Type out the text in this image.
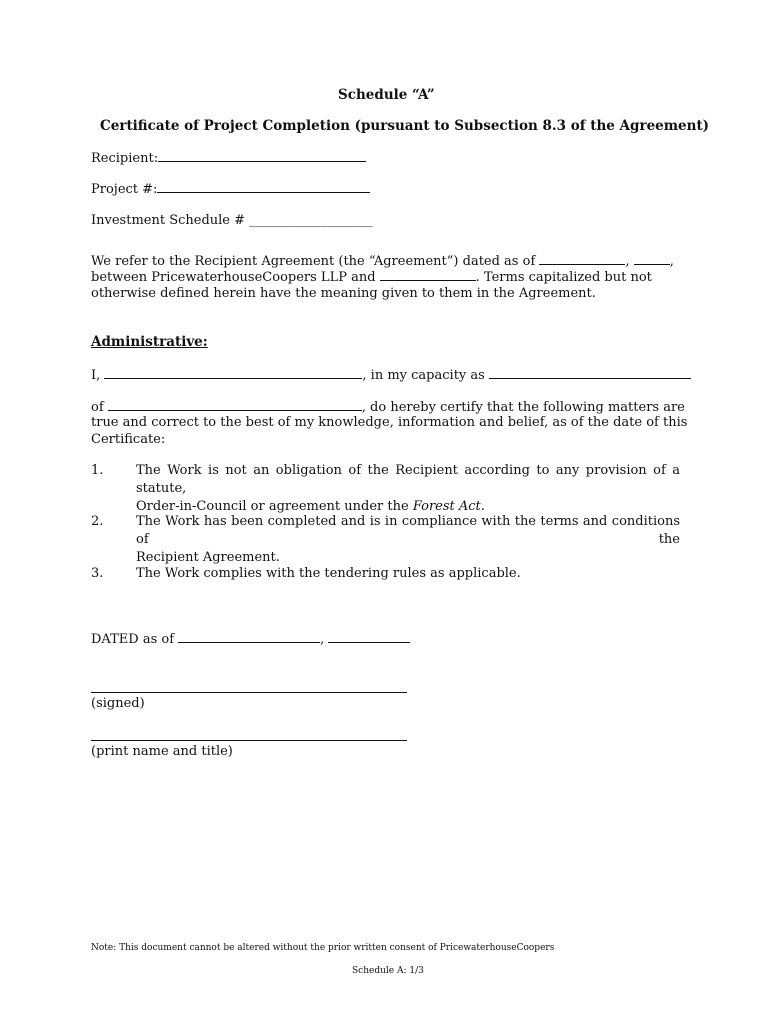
Schedule “A”
Certificate of Project Completion (pursuant to Subsection 8.3 of the Agreement)
Recipient:
Project #:
Investment Schedule # ___________________
We refer to the Recipient Agreement (the “Agreement”) dated as of	,	,
between PricewaterhouseCoopers LLP and	. Terms capitalized but not
otherwise defined herein have the meaning given to them in the Agreement.
Administrative:
I,	, in my capacity as
of	, do hereby certify that the following matters are
true and correct to the best of my knowledge, information and belief, as of the date of this
Certificate:
1.	The Work is not an obligation of the Recipient according to any provision of a statute,
Order-in-Council or agreement under the Forest Act.
2.	The Work has been completed and is in compliance with the terms and conditions of the
Recipient Agreement.
3.	The Work complies with the tendering rules as applicable.
DATED as of	,
(signed)
(print name and title)
Note: This document cannot be altered without the prior written consent of PricewaterhouseCoopers
Schedule A: 1/3
